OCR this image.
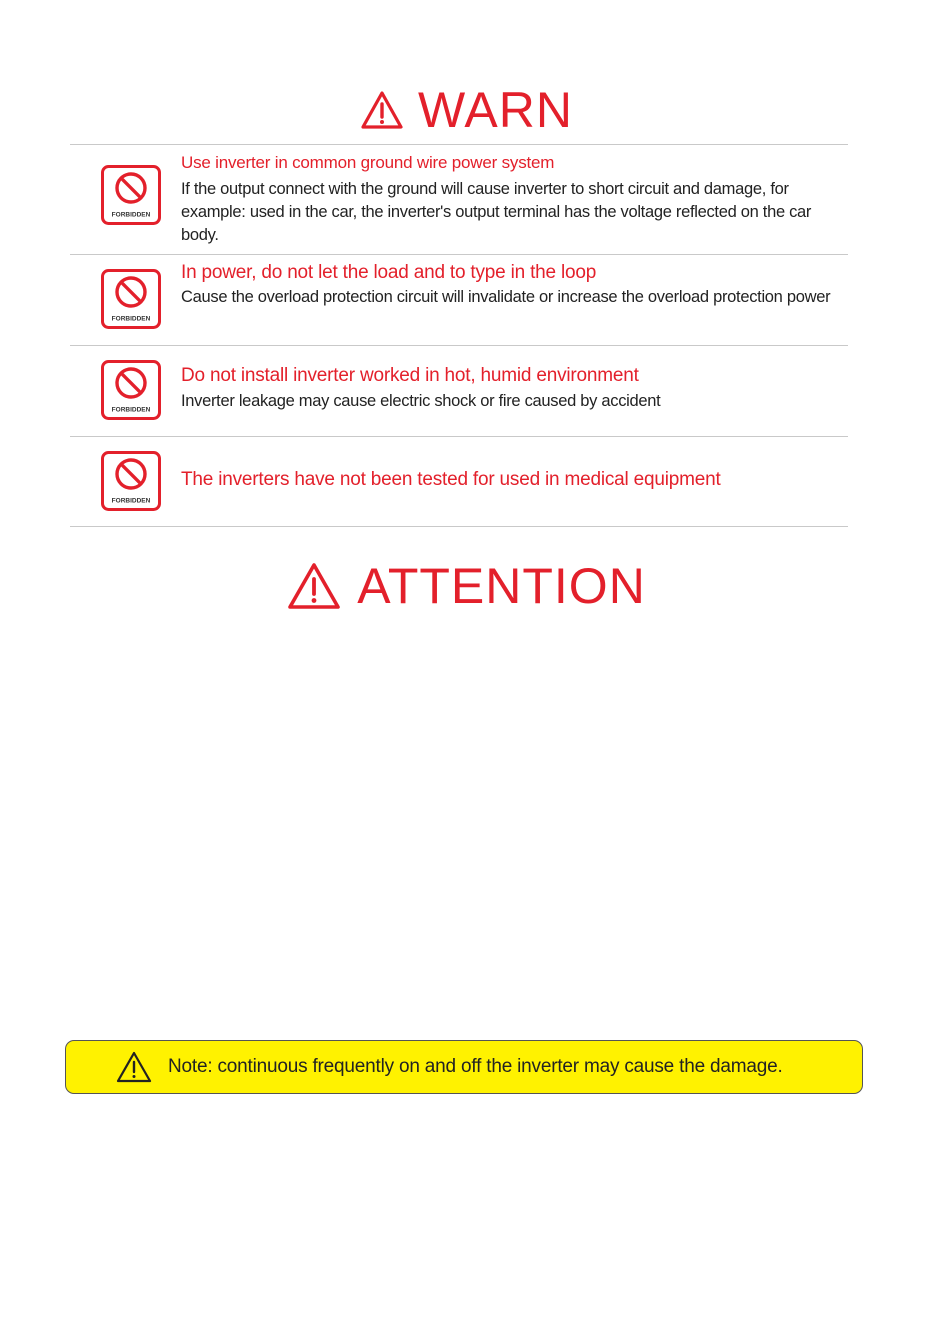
WARN
FORBIDDEN
Use inverter in common ground wire power system
If the output connect with the ground will cause inverter to short circuit and damage, for example: used in the car, the inverter's output terminal has the voltage reflected on the car body.
FORBIDDEN
In power, do not let the load and to type in the loop
Cause the overload protection circuit will invalidate or increase the overload protection power
FORBIDDEN
Do not install inverter worked in hot, humid environment
Inverter leakage may cause electric shock or fire caused by accident
FORBIDDEN
The inverters have not been tested for used in medical equipment
ATTENTION
Note: continuous frequently on and off the inverter may cause the damage.
